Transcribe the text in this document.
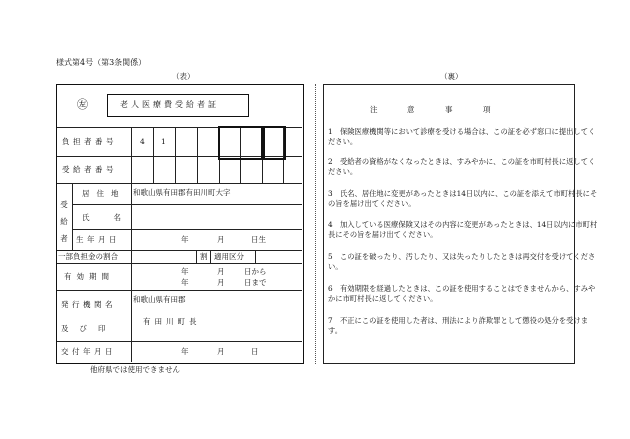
様式第4号（第3条関係）
（表）	（裏）
㊧	老人医療費受給者証
負担者番号	4 1
受給者番号
受給者
居住地 和歌山県有田郡有田川町大字
氏名
生年月日	年	月	日生
一部負担金の割合	割 適用区分
有効期間
年	月	日から
年	月	日まで
発行機関名
及び印
和歌山県有田郡
有田川町長
交付年月日	年	月	日
他府県では使用できません
注	意	事	項
1　保険医療機関等において診療を受ける場合は、この証を必ず窓口に提出してください。
2　受給者の資格がなくなったときは、すみやかに、この証を市町村長に返してください。
3　氏名、居住地に変更があったときは14日以内に、この証を添えて市町村長にその旨を届け出てください。
4　加入している医療保険又はその内容に変更があったときは、14日以内に市町村長にその旨を届け出てください。
5　この証を破ったり、汚したり、又は失ったりしたときは再交付を受けてください。
6　有効期限を経過したときは、この証を使用することはできませんから、すみやかに市町村長に返してください。
7　不正にこの証を使用した者は、刑法により詐欺罪として懲役の処分を受けます。
